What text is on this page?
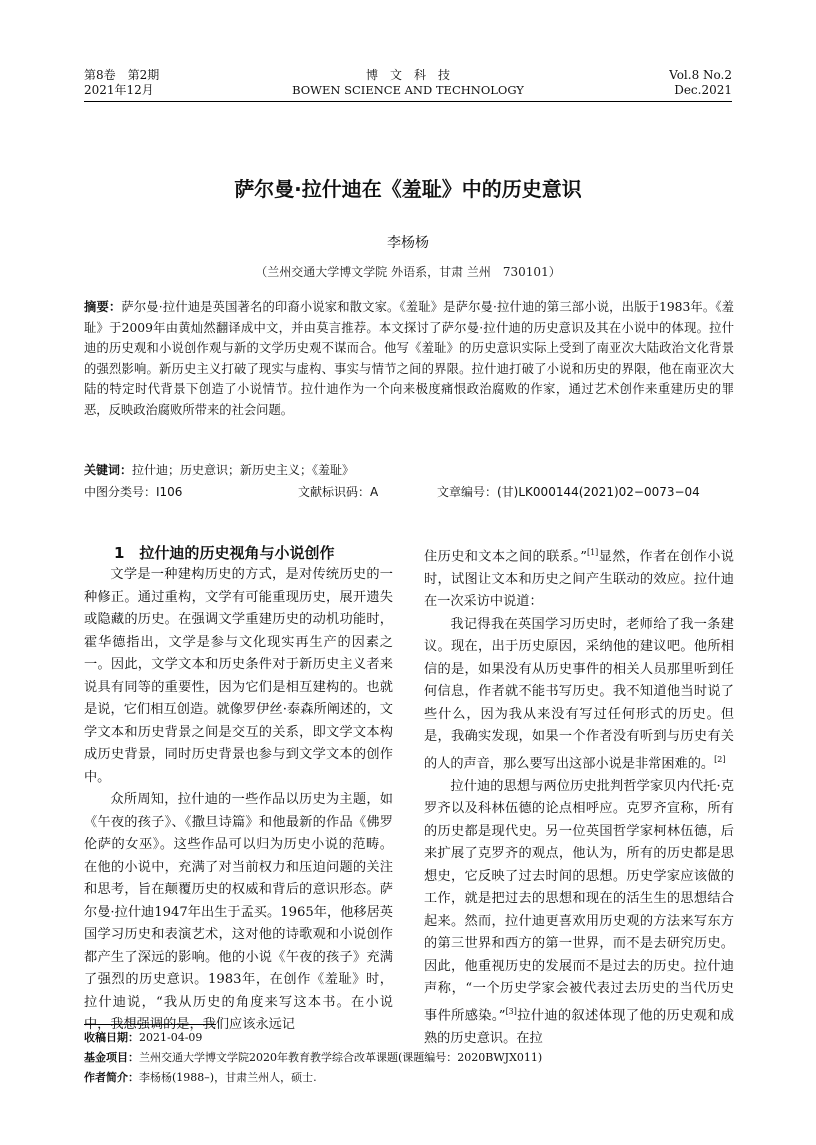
第8卷　第2期
2021年12月
博　文　科　技
BOWEN SCIENCE AND TECHNOLOGY
Vol.8 No.2
Dec.2021
萨尔曼·拉什迪在《羞耻》中的历史意识
李杨杨
（兰州交通大学博文学院 外语系，甘肃 兰州　730101）
摘要：萨尔曼·拉什迪是英国著名的印裔小说家和散文家。《羞耻》是萨尔曼·拉什迪的第三部小说，出版于1983年。《羞耻》于2009年由黄灿然翻译成中文，并由莫言推荐。本文探讨了萨尔曼·拉什迪的历史意识及其在小说中的体现。拉什迪的历史观和小说创作观与新的文学历史观不谋而合。他写《羞耻》的历史意识实际上受到了南亚次大陆政治文化背景的强烈影响。新历史主义打破了现实与虚构、事实与情节之间的界限。拉什迪打破了小说和历史的界限，他在南亚次大陆的特定时代背景下创造了小说情节。拉什迪作为一个向来极度痛恨政治腐败的作家，通过艺术创作来重建历史的罪恶，反映政治腐败所带来的社会问题。
关键词：拉什迪；历史意识；新历史主义；《羞耻》
中图分类号：I106	文献标识码：A	文章编号：(甘)LK000144(2021)02−0073−04

1　拉什迪的历史视角与小说创作

文学是一种建构历史的方式，是对传统历史的一种修正。通过重构，文学有可能重现历史，展开遗失或隐藏的历史。在强调文学重建历史的动机功能时，霍华德指出，文学是参与文化现实再生产的因素之一。因此，文学文本和历史条件对于新历史主义者来说具有同等的重要性，因为它们是相互建构的。也就是说，它们相互创造。就像罗伊丝·泰森所阐述的，文学文本和历史背景之间是交互的关系，即文学文本构成历史背景，同时历史背景也参与到文学文本的创作中。

众所周知，拉什迪的一些作品以历史为主题，如《午夜的孩子》、《撒旦诗篇》和他最新的作品《佛罗伦萨的女巫》。这些作品可以归为历史小说的范畴。在他的小说中，充满了对当前权力和压迫问题的关注和思考，旨在颠覆历史的权威和背后的意识形态。萨尔曼·拉什迪1947年出生于孟买。1965年，他移居英国学习历史和表演艺术，这对他的诗歌观和小说创作都产生了深远的影响。他的小说《午夜的孩子》充满了强烈的历史意识。1983年，在创作《羞耻》时，拉什迪说，“我从历史的角度来写这本书。在小说中，我想强调的是，我们应该永远记

住历史和文本之间的联系。”[1]显然，作者在创作小说时，试图让文本和历史之间产生联动的效应。拉什迪在一次采访中说道：

我记得我在英国学习历史时，老师给了我一条建议。现在，出于历史原因，采纳他的建议吧。他所相信的是，如果没有从历史事件的相关人员那里听到任何信息，作者就不能书写历史。我不知道他当时说了些什么，因为我从来没有写过任何形式的历史。但是，我确实发现，如果一个作者没有听到与历史有关的人的声音，那么要写出这部小说是非常困难的。[2]

拉什迪的思想与两位历史批判哲学家贝内代托·克罗齐以及科林伍德的论点相呼应。克罗齐宣称，所有的历史都是现代史。另一位英国哲学家柯林伍德，后来扩展了克罗齐的观点，他认为，所有的历史都是思想史，它反映了过去时间的思想。历史学家应该做的工作，就是把过去的思想和现在的活生生的思想结合起来。然而，拉什迪更喜欢用历史观的方法来写东方的第三世界和西方的第一世界，而不是去研究历史。因此，他重视历史的发展而不是过去的历史。拉什迪声称，“一个历史学家会被代表过去历史的当代历史事件所感染。”[3]拉什迪的叙述体现了他的历史观和成熟的历史意识。在拉

收稿日期：2021-04-09
基金项目：兰州交通大学博文学院2020年教育教学综合改革课题(课题编号：2020BWJX011)
作者简介：李杨杨(1988–)，甘肃兰州人，硕士.
